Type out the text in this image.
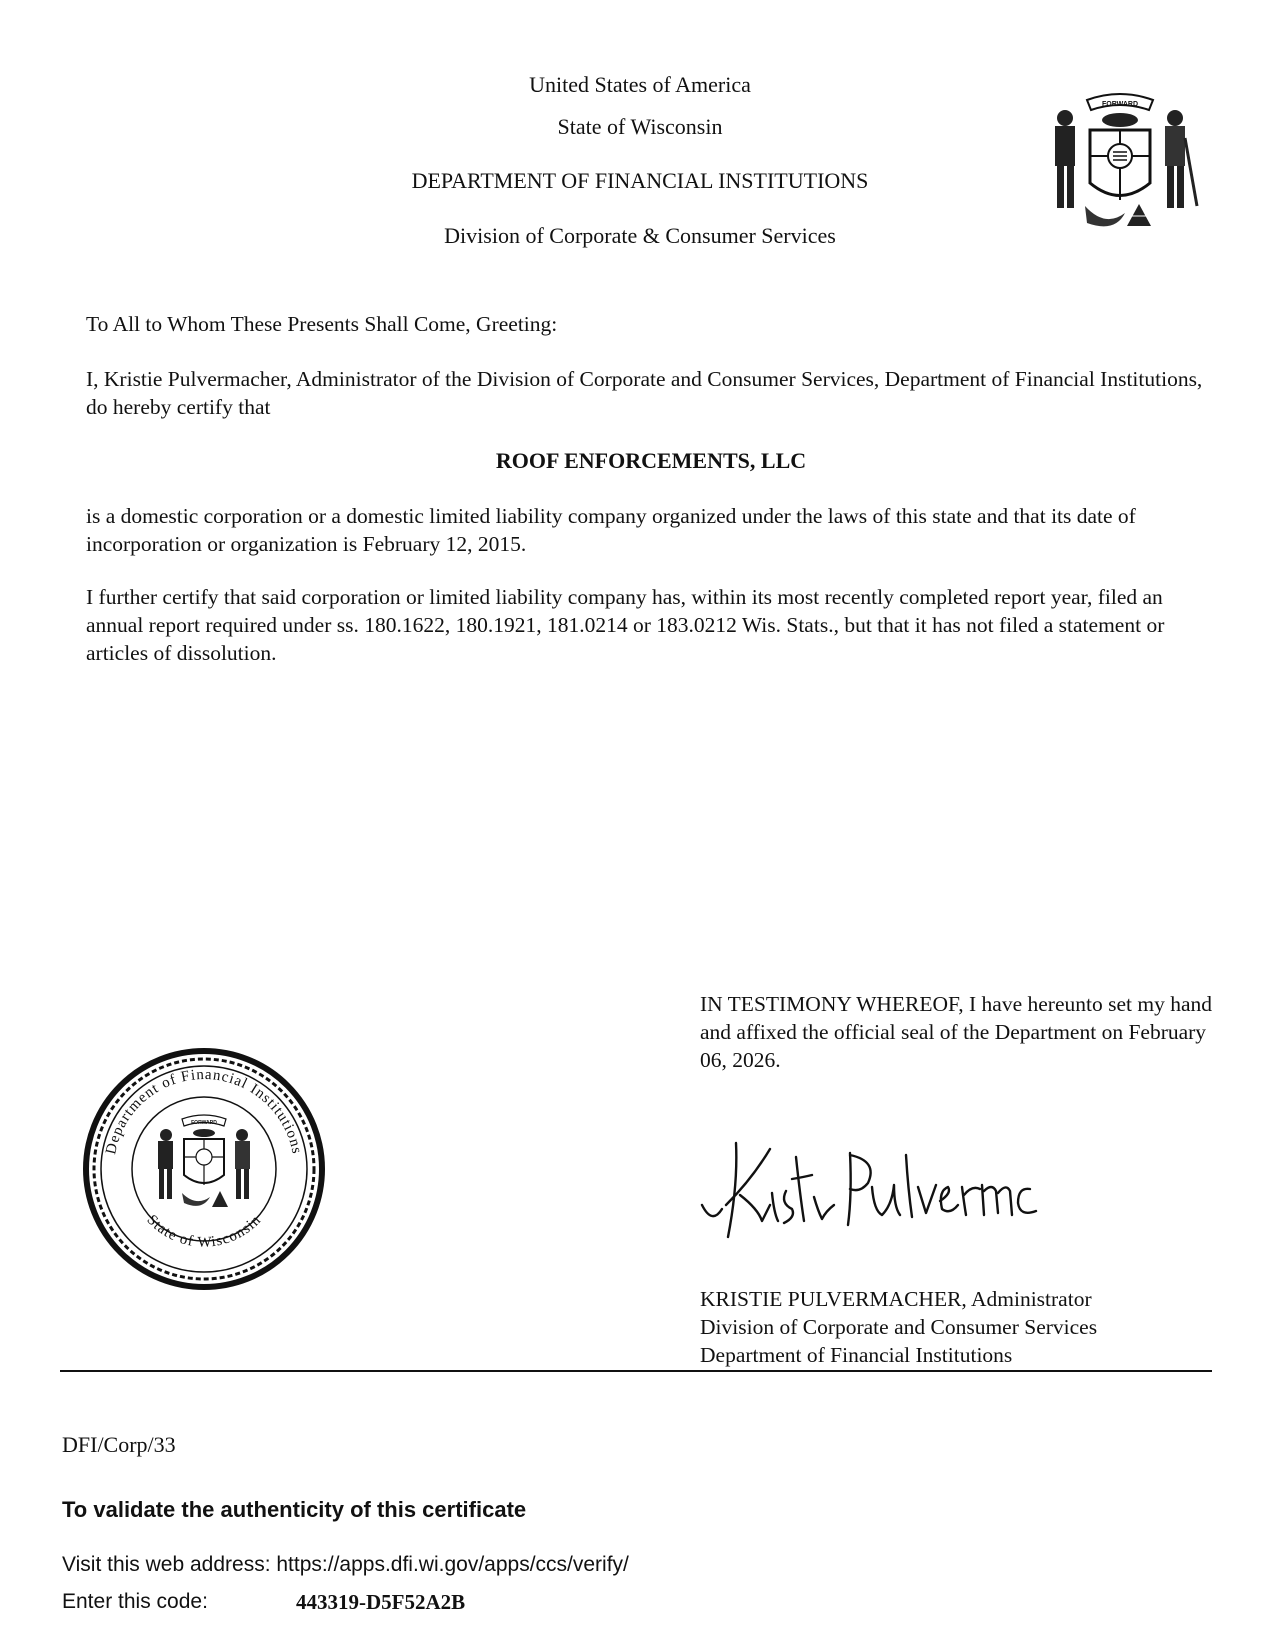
United States of America
State of Wisconsin
DEPARTMENT OF FINANCIAL INSTITUTIONS
Division of Corporate & Consumer Services
FORWARD
To All to Whom These Presents Shall Come, Greeting:
I, Kristie Pulvermacher, Administrator of the Division of Corporate and Consumer Services, Department of Financial Institutions, do hereby certify that
ROOF ENFORCEMENTS, LLC
is a domestic corporation or a domestic limited liability company organized under the laws of this state and that its date of incorporation or organization is February 12, 2015.
I further certify that said corporation or limited liability company has, within its most recently completed report year, filed an annual report required under ss. 180.1622, 180.1921, 181.0214 or 183.0212 Wis. Stats., but that it has not filed a statement or articles of dissolution.
Department of Financial Institutions
State of Wisconsin
FORWARD
IN TESTIMONY WHEREOF, I have hereunto set my hand and affixed the official seal of the Department on February 06, 2026.
KRISTIE PULVERMACHER, Administrator
Division of Corporate and Consumer Services
Department of Financial Institutions
DFI/Corp/33
To validate the authenticity of this certificate
Visit this web address: https://apps.dfi.wi.gov/apps/ccs/verify/
Enter this code:	443319-D5F52A2B
